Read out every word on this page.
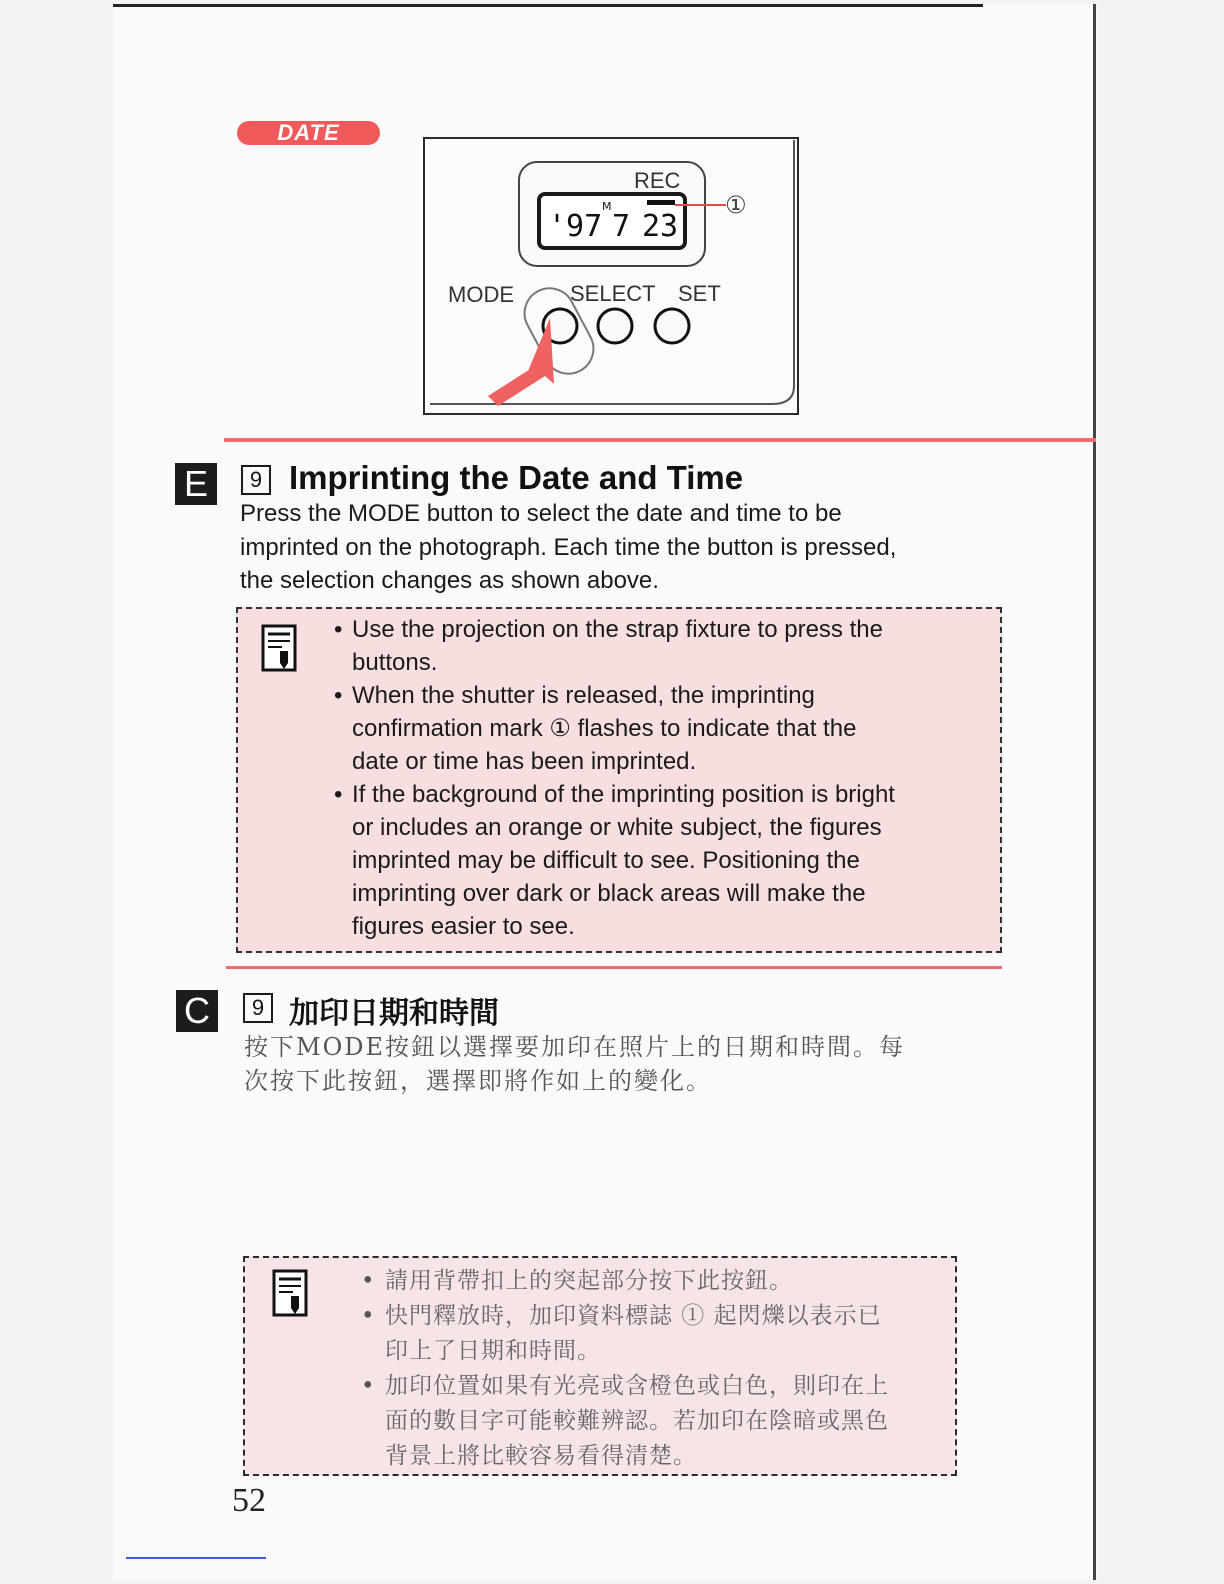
DATE
REC
'97
M
7 23
①
MODE	SELECT SET
E	9 Imprinting the Date and Time
Press the MODE button to select the date and time to be
imprinted on the photograph. Each time the button is pressed,
the selection changes as shown above.
• Use the projection on the strap fixture to press the
buttons.
• When the shutter is released, the imprinting
confirmation mark ① flashes to indicate that the
date or time has been imprinted.
• If the background of the imprinting position is bright
or includes an orange or white subject, the figures
imprinted may be difficult to see. Positioning the
imprinting over dark or black areas will make the
figures easier to see.
C	9 加印日期和時間
按下MODE按鈕以選擇要加印在照片上的日期和時間。每
次按下此按鈕，選擇即將作如上的變化。
• 請用背帶扣上的突起部分按下此按鈕。
• 快門釋放時，加印資料標誌 ① 起閃爍以表示已
印上了日期和時間。
• 加印位置如果有光亮或含橙色或白色，則印在上
面的數目字可能較難辨認。若加印在陰暗或黑色
背景上將比較容易看得清楚。
52
